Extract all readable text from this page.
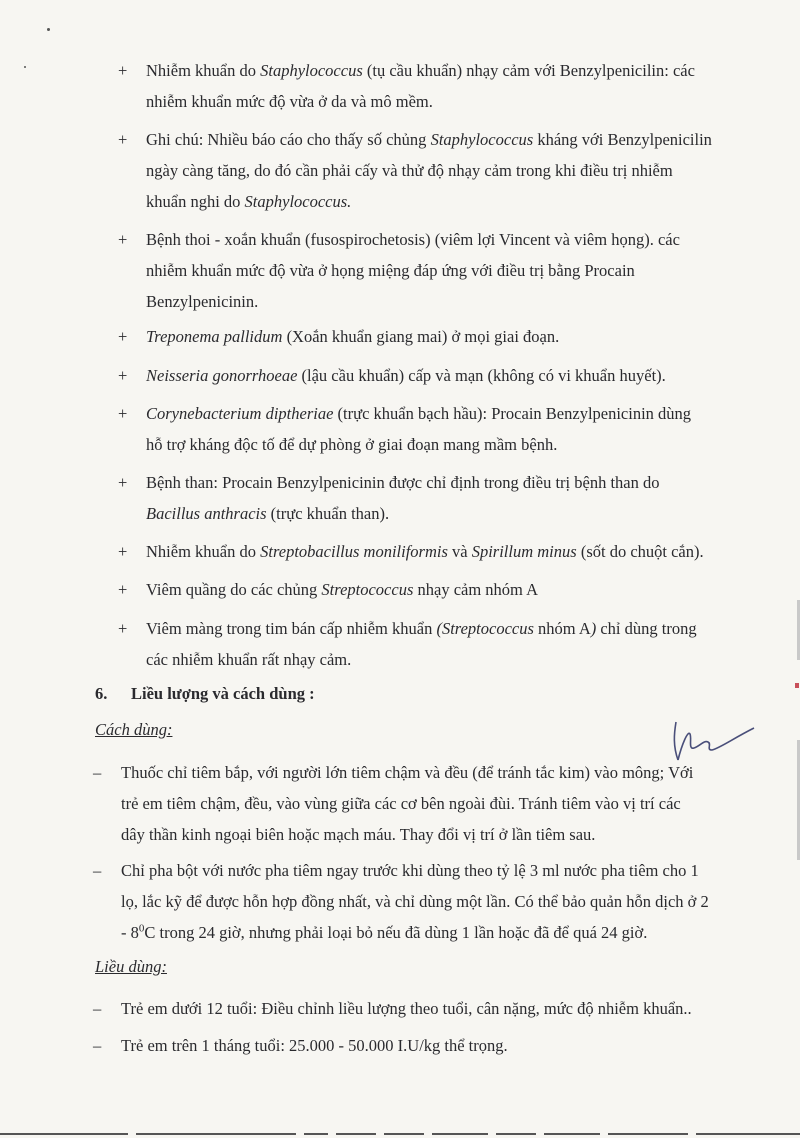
+	Nhiễm khuẩn do Staphylococcus (tụ cầu khuẩn) nhạy cảm với Benzylpenicilin: các
nhiễm khuẩn mức độ vừa ở da và mô mềm.
+	Ghi chú: Nhiều báo cáo cho thấy số chủng Staphylococcus kháng với Benzylpenicilin
ngày càng tăng, do đó cần phải cấy và thử độ nhạy cảm trong khi điều trị nhiễm
khuẩn nghi do Staphylococcus.
+	Bệnh thoi - xoắn khuẩn (fusospirochetosis) (viêm lợi Vincent và viêm họng). các
nhiễm khuẩn mức độ vừa ở họng miệng đáp ứng với điều trị bằng Procain
Benzylpenicinin.
+	Treponema pallidum (Xoắn khuẩn giang mai) ở mọi giai đoạn.
+	Neisseria gonorrhoeae (lậu cầu khuẩn) cấp và mạn (không có vi khuẩn huyết).
+	Corynebacterium diptheriae (trực khuẩn bạch hầu): Procain Benzylpenicinin dùng
hỗ trợ kháng độc tố để dự phòng ở giai đoạn mang mầm bệnh.
+	Bệnh than: Procain Benzylpenicinin được chỉ định trong điều trị bệnh than do
Bacillus anthracis (trực khuẩn than).
+	Nhiễm khuẩn do Streptobacillus moniliformis và Spirillum minus (sốt do chuột cắn).
+	Viêm quầng do các chủng Streptococcus nhạy cảm nhóm A
+	Viêm màng trong tim bán cấp nhiễm khuẩn (Streptococcus nhóm A) chỉ dùng trong
các nhiễm khuẩn rất nhạy cảm.
6. Liều lượng và cách dùng :
Cách dùng:
–	Thuốc chỉ tiêm bắp, với người lớn tiêm chậm và đều (để tránh tắc kim) vào mông; Với
trẻ em tiêm chậm, đều, vào vùng giữa các cơ bên ngoài đùi. Tránh tiêm vào vị trí các
dây thần kinh ngoại biên hoặc mạch máu. Thay đổi vị trí ở lần tiêm sau.
–	Chỉ pha bột với nước pha tiêm ngay trước khi dùng theo tỷ lệ 3 ml nước pha tiêm cho 1
lọ, lắc kỹ để được hỗn hợp đồng nhất, và chỉ dùng một lần. Có thể bảo quản hỗn dịch ở 2
- $8^0C$ trong 24 giờ, nhưng phải loại bỏ nếu đã dùng 1 lần hoặc đã để quá 24 giờ.
Liều dùng:
–	Trẻ em dưới 12 tuổi: Điều chỉnh liều lượng theo tuổi, cân nặng, mức độ nhiễm khuẩn..
–	Trẻ em trên 1 tháng tuổi: 25.000 - 50.000 I.U/kg thể trọng.
